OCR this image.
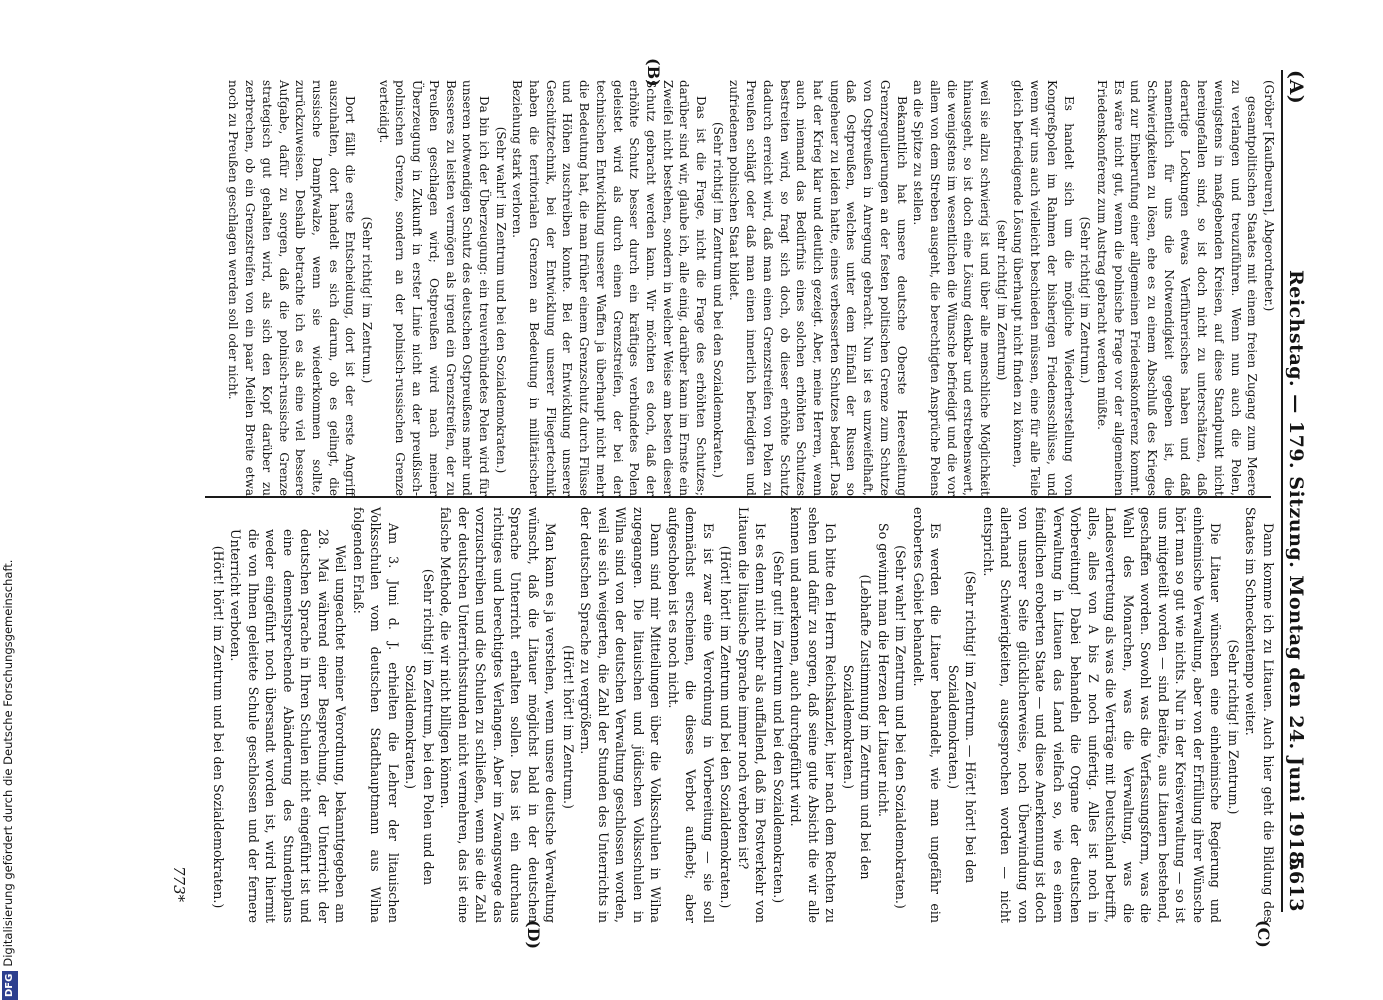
(A)
Reichstag. — 179. Sitzung. Montag den 24. Juni 1918.
5613

(Gröber [Kaufbeuren], Abgeordneter.)

gesamtpolitischen Staates mit einem freien Zugang zum Meere zu verlangen und treuzuführen. Wenn nun auch die Polen, wenigstens in maßgebenden Kreisen, auf diese Standpunkt nicht hereingefallen sind, so ist doch nicht zu unterschätzen, daß derartige Lockungen etwas Verführerisches haben und daß namentlich für uns die Notwendigkeit gegeben ist, die Schwierigkeiten zu lösen, ehe es zu einem Abschluß des Krieges und zur Einberufung einer allgemeinen Friedenskonferenz kommt. Es wäre nicht gut, wenn die polnische Frage vor der allgemeinen Friedenskonferenz zum Austrag gebracht werden müßte.

(Sehr richtig! im Zentrum.)

Es handelt sich um die mögliche Wiederherstellung von Kongreßpolen im Rahmen der bisherigen Friedensschlüsse, und wenn wir uns auch vielleicht beschieden müssen, eine für alle Teile gleich befriedigende Lösung überhaupt nicht finden zu können,

(sehr richtig! im Zentrum)

weil sie allzu schwierig ist und über alle menschliche Möglichkeit hinausgeht, so ist doch eine Lösung denkbar und erstrebenswert, die wenigstens im wesentlichen die Wünsche befriedigt und die vor allem von dem Streben ausgeht, die berechtigten Ansprüche Polens an die Spitze zu stellen.

Bekanntlich hat unsere deutsche Oberste Heeresleitung Grenzregulierungen an der festen politischen Grenze zum Schutze von Ostpreußen in Anregung gebracht. Nun ist es unzweifelhaft, daß Ostpreußen, welches unter dem Einfall der Russen so ungeheuer zu leiden hatte, eines verbesserten Schutzes bedarf. Das hat der Krieg klar und deutlich gezeigt. Aber, meine Herren, wenn auch niemand das Bedürfnis eines solchen erhöhten Schutzes bestreiten wird, so fragt sich doch, ob dieser erhöhte Schutz dadurch erreicht wird, daß man einen Grenzstreifen von Polen zu Preußen schlägt oder daß man einen innerlich befriedigten und zufriedenen polnischen Staat bildet.

(Sehr richtig! im Zentrum und bei den Sozialdemokraten.)

Das ist die Frage, nicht die Frage des erhöhten Schutzes; darüber sind wir, glaube ich, alle einig, darüber kann im Ernste ein Zweifel nicht bestehen, sondern in welcher Weise am besten dieser Schutz gebracht werden kann. Wir möchten es doch, daß der erhöhte Schutz besser durch ein kräftiges verbündetes Polen geleistet wird als durch einen Grenzstreifen, der bei der technischen Entwicklung unserer Waffen ja überhaupt nicht mehr die Bedeutung hat, die man früher einem Grenzschutz durch Flüsse und Höhen zuschreiben konnte. Bei der Entwicklung unserer Geschütztechnik, bei der Entwicklung unserer Fliegertechnik haben die territorialen Grenzen an Bedeutung in militärischer Beziehung stark verloren.

(Sehr wahr! im Zentrum und bei den Sozialdemokraten.)

Da bin ich der Überzeugung: ein treuverbündetes Polen wird für unseren notwendigen Schutz des deutschen Ostpreußens mehr und Besseres zu leisten vermögen als irgend ein Grenzstreifen, der zu Preußen geschlagen wird; Ostpreußen wird nach meiner Überzeugung in Zukunft in erster Linie nicht an der preußisch-polnischen Grenze, sondern an der polnisch-russischen Grenze verteidigt.

(Sehr richtig! im Zentrum.)

Dort fällt die erste Entscheidung, dort ist der erste Angriff auszuhalten, dort handelt es sich darum, ob es gelingt, die russische Dampfwalze, wenn sie wiederkommen sollte, zurückzuweisen. Deshalb betrachte ich es als eine viel bessere Aufgabe, dafür zu sorgen, daß die polnisch-russische Grenze strategisch gut gehalten wird, als sich den Kopf darüber zu zerbrechen, ob ein Grenzstreifen von ein paar Meilen Breite etwa noch zu Preußen geschlagen werden soll oder nicht.

Dann komme ich zu Litauen. Auch hier geht die Bildung des Staates im Schneckentempo weiter.

(Sehr richtig! im Zentrum.)

Die Litauer wünschen eine einheimische Regierung und einheimische Verwaltung, aber von der Erfüllung ihrer Wünsche hört man so gut wie nichts. Nur in der Kreisverwaltung — so ist uns mitgeteilt worden — sind Beiräte, aus Litauern bestehend, geschaffen worden. Sowohl was die Verfassungsform, was die Wahl des Monarchen, was die Verwaltung, was die Landesvertretung als was die Verträge mit Deutschland betrifft, alles, alles von A bis Z noch unfertig. Alles ist noch in Vorbereitung! Dabei behandeln die Organe der deutschen Verwaltung in Litauen das Land vielfach so, wie es einem feindlichen eroberten Staate — und diese Anerkennung ist doch von unserer Seite glücklicherweise, noch Überwindung von allerhand Schwierigkeiten, ausgesprochen worden — nicht entspricht.

(Sehr richtig! im Zentrum. — Hört! hört! bei den Sozialdemokraten.)

Es werden die Litauer behandelt, wie man ungefähr ein erobertes Gebiet behandelt.

(Sehr wahr! im Zentrum und bei den Sozialdemokraten.)

So gewinnt man die Herzen der Litauer nicht.

(Lebhafte Zustimmung im Zentrum und bei den Sozialdemokraten.)

Ich bitte den Herrn Reichskanzler, hier nach dem Rechten zu sehen und dafür zu sorgen, daß seine gute Absicht die wir alle kennen und anerkennen, auch durchgeführt wird.

(Sehr gut! im Zentrum und bei den Sozialdemokraten.)

Ist es denn nicht mehr als auffallend, daß im Postverkehr von Litauen die litauische Sprache immer noch verboten ist?

(Hört! hört! im Zentrum und bei den Sozialdemokraten.)

Es ist zwar eine Verordnung in Vorbereitung — sie soll demnächst erscheinen, die dieses Verbot aufhebt; aber aufgeschoben ist es noch nicht.

Dann sind mir Mitteilungen über die Volksschulen in Wilna zugegangen. Die litauischen und jüdischen Volksschulen in Wilna sind von der deutschen Verwaltung geschlossen worden, weil sie sich weigerten, die Zahl der Stunden des Unterrichts in der deutschen Sprache zu vergrößern.

(Hört! hört! im Zentrum.)

Man kann es ja verstehen, wenn unsere deutsche Verwaltung wünscht, daß die Litauer möglichst bald in der deutschen Sprache Unterricht erhalten sollen. Das ist ein durchaus richtiges und berechtigtes Verlangen. Aber im Zwangswege das vorzuschreiben und die Schulen zu schließen, wenn sie die Zahl der deutschen Unterrichtsstunden nicht vermehren, das ist eine falsche Methode, die wir nicht billigen können.

(Sehr richtig! im Zentrum, bei den Polen und den Sozialdemokraten.)

Am 3. Juni d. J. erhielten die Lehrer der litauischen Volksschulen vom deutschen Stadthauptmann aus Wilna folgenden Erlaß:

Weil ungeachtet meiner Verordnung, bekanntgegeben am 28. Mai während einer Besprechung, der Unterricht der deutschen Sprache in Ihren Schulen nicht eingeführt ist und eine dementsprechende Abänderung des Stundenplans weder eingeführt noch übersandt worden ist, wird hiermit die von Ihnen geleitete Schule geschlossen und der fernere Unterricht verboten.

(Hört! hört! im Zentrum und bei den Sozialdemokraten.)

(B)
(C)
(D)
773*
DFGDigitalisierung gefördert durch die Deutsche Forschungsgemeinschaft.
